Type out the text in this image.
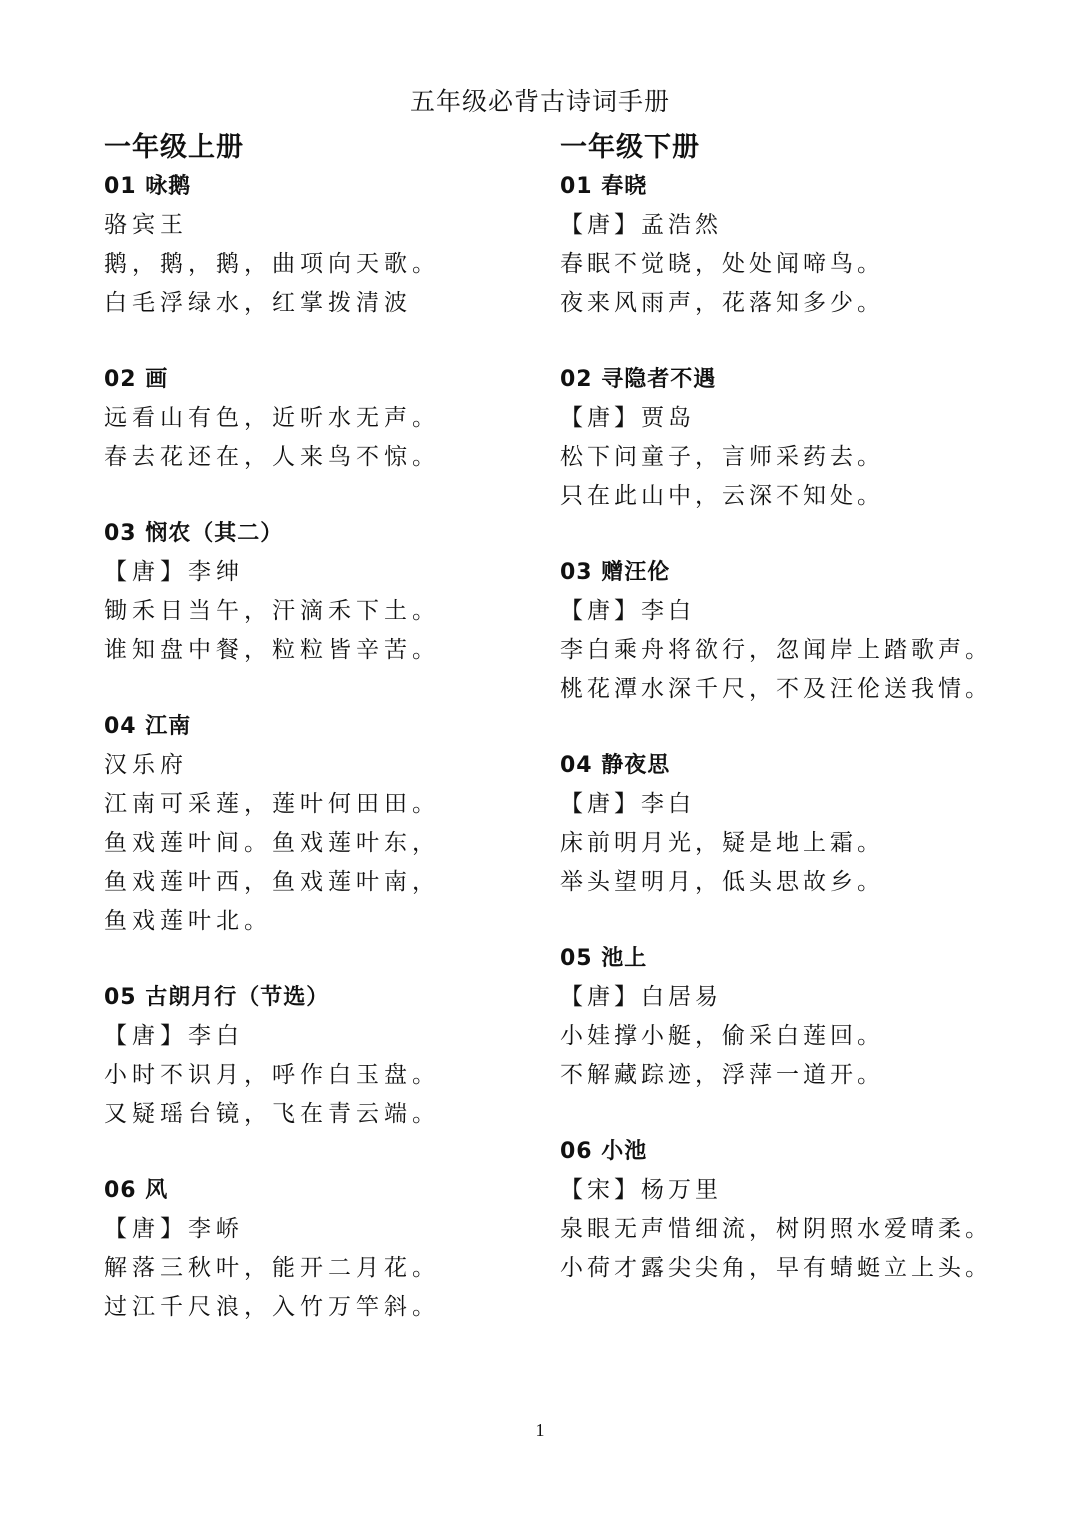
五年级必背古诗词手册
一年级上册
01 咏鹅
骆宾王
鹅，鹅，鹅，曲项向天歌。
白毛浮绿水，红掌拨清波
02 画
远看山有色，近听水无声。
春去花还在，人来鸟不惊。
03 悯农（其二）
【唐】李绅
锄禾日当午，汗滴禾下土。
谁知盘中餐，粒粒皆辛苦。
04 江南
汉乐府
江南可采莲，莲叶何田田。
鱼戏莲叶间。鱼戏莲叶东，
鱼戏莲叶西，鱼戏莲叶南，
鱼戏莲叶北。
05 古朗月行（节选）
【唐】李白
小时不识月，呼作白玉盘。
又疑瑶台镜，飞在青云端。
06 风
【唐】李峤
解落三秋叶，能开二月花。
过江千尺浪，入竹万竿斜。
一年级下册
01 春晓
【唐】孟浩然
春眠不觉晓，处处闻啼鸟。
夜来风雨声，花落知多少。
02 寻隐者不遇
【唐】贾岛
松下问童子，言师采药去。
只在此山中，云深不知处。
03 赠汪伦
【唐】李白
李白乘舟将欲行，忽闻岸上踏歌声。
桃花潭水深千尺，不及汪伦送我情。
04 静夜思
【唐】李白
床前明月光，疑是地上霜。
举头望明月，低头思故乡。
05 池上
【唐】白居易
小娃撑小艇，偷采白莲回。
不解藏踪迹，浮萍一道开。
06 小池
【宋】杨万里
泉眼无声惜细流，树阴照水爱晴柔。
小荷才露尖尖角，早有蜻蜓立上头。
1
